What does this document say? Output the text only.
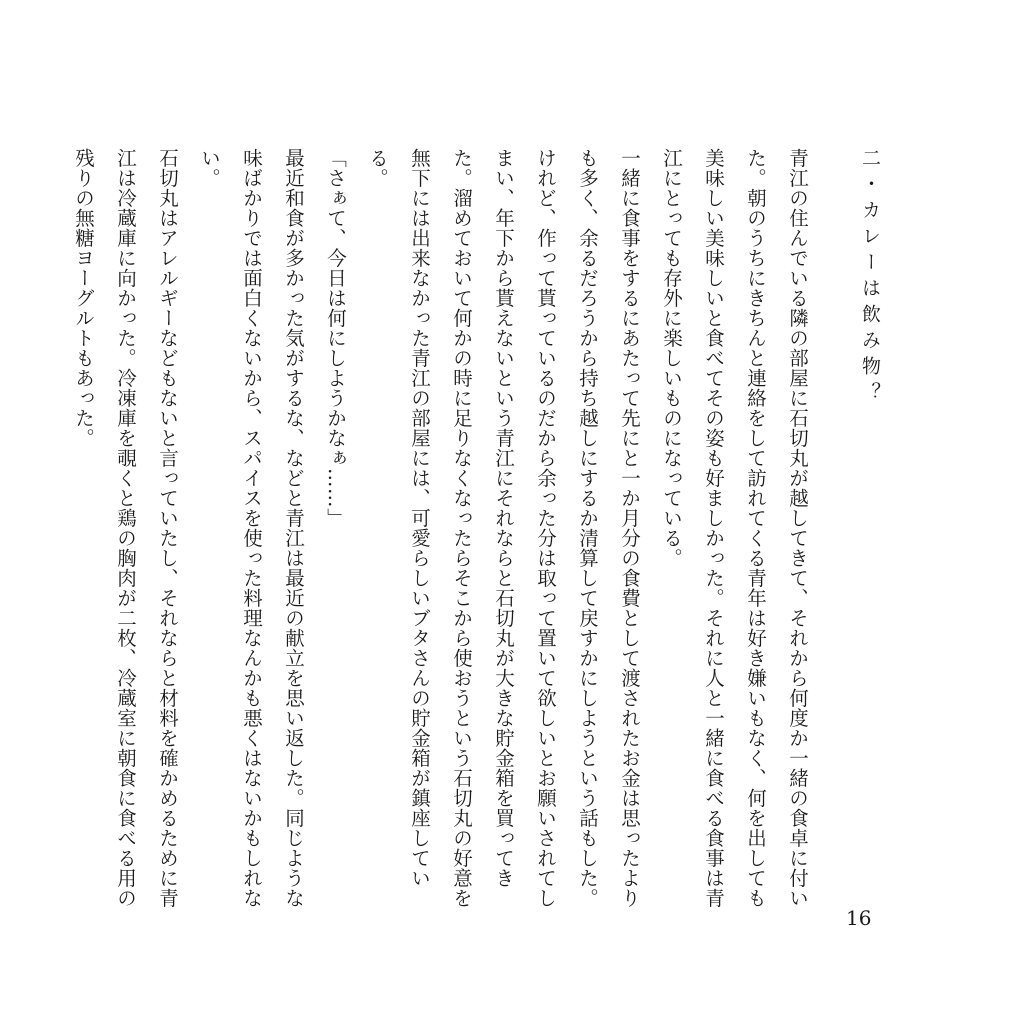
二・カレーは飲み物？

青江の住んでいる隣の部屋に石切丸が越してきて、それから何度か一緒の食卓に付いた。朝のうちにきちんと連絡をして訪れてくる青年は好き嫌いもなく、何を出しても美味しい美味しいと食べてその姿も好ましかった。それに人と一緒に食べる食事は青江にとっても存外に楽しいものになっている。

一緒に食事をするにあたって先にと一か月分の食費として渡されたお金は思ったよりも多く、余るだろうから持ち越しにするか清算して戻すかにしようという話もした。けれど、作って貰っているのだから余った分は取って置いて欲しいとお願いされてしまい、年下から貰えないという青江にそれならと石切丸が大きな貯金箱を買ってきた。溜めておいて何かの時に足りなくなったらそこから使おうという石切丸の好意を無下には出来なかった青江の部屋には、可愛らしいブタさんの貯金箱が鎮座している。

「さぁて、今日は何にしようかなぁ……」

最近和食が多かった気がするな、などと青江は最近の献立を思い返した。同じような味ばかりでは面白くないから、スパイスを使った料理なんかも悪くはないかもしれない。

石切丸はアレルギーなどもないと言っていたし、それならと材料を確かめるために青江は冷蔵庫に向かった。冷凍庫を覗くと鶏の胸肉が二枚、冷蔵室に朝食に食べる用の残りの無糖ヨーグルトもあった。

16
